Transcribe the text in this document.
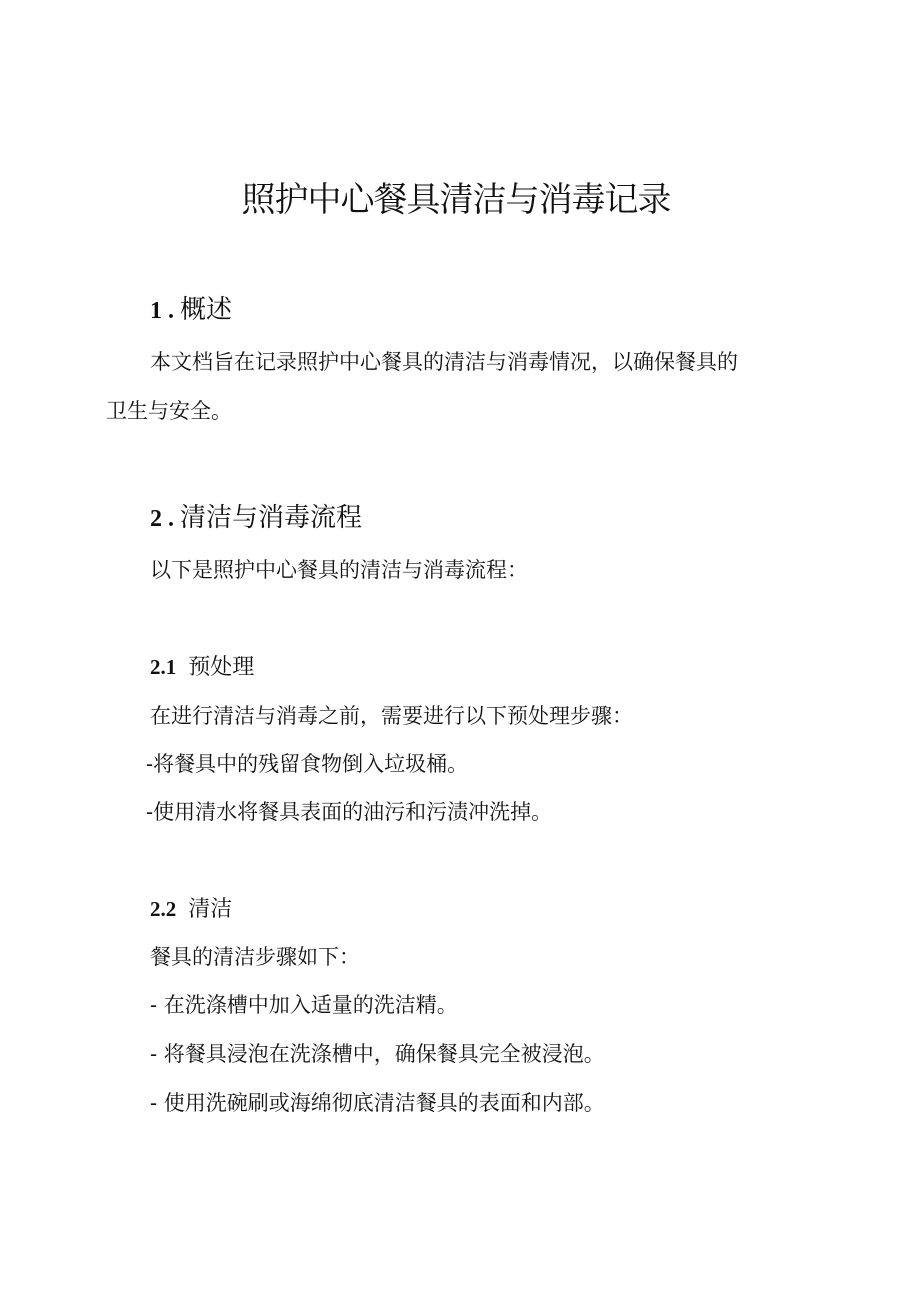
照护中心餐具清洁与消毒记录
1 . 概述
本文档旨在记录照护中心餐具的清洁与消毒情况，以确保餐具的
卫生与安全。
2 . 清洁与消毒流程
以下是照护中心餐具的清洁与消毒流程：
2.1 预处理
在进行清洁与消毒之前，需要进行以下预处理步骤：
-将餐具中的残留食物倒入垃圾桶。
-使用清水将餐具表面的油污和污渍冲洗掉。
2.2 清洁
餐具的清洁步骤如下：
- 在洗涤槽中加入适量的洗洁精。
- 将餐具浸泡在洗涤槽中，确保餐具完全被浸泡。
- 使用洗碗刷或海绵彻底清洁餐具的表面和内部。
